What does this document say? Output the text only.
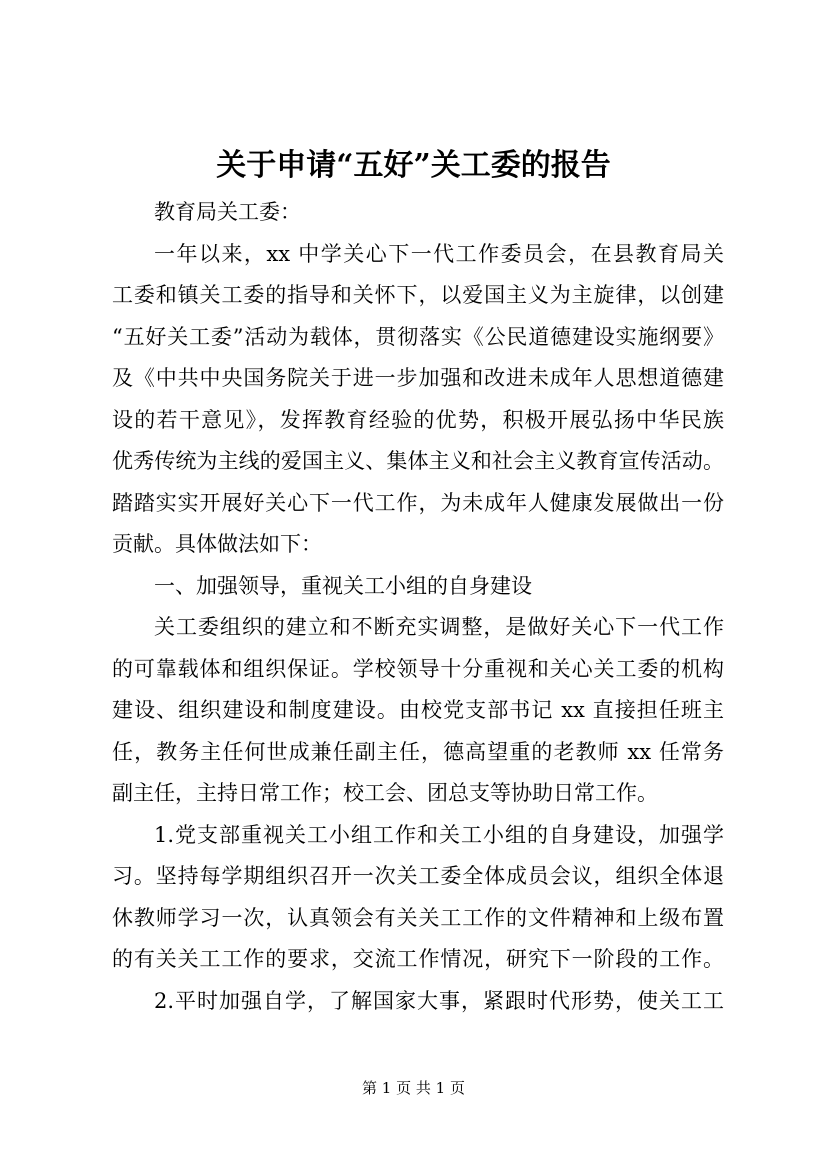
关于申请“五好”关工委的报告
教育局关工委：
一年以来，xx 中学关心下一代工作委员会，在县教育局关
工委和镇关工委的指导和关怀下，以爱国主义为主旋律，以创建
“五好关工委”活动为载体，贯彻落实《公民道德建设实施纲要》
及《中共中央国务院关于进一步加强和改进未成年人思想道德建
设的若干意见》，发挥教育经验的优势，积极开展弘扬中华民族
优秀传统为主线的爱国主义、集体主义和社会主义教育宣传活动。
踏踏实实开展好关心下一代工作，为未成年人健康发展做出一份
贡献。具体做法如下：
一、加强领导，重视关工小组的自身建设
关工委组织的建立和不断充实调整，是做好关心下一代工作
的可靠载体和组织保证。学校领导十分重视和关心关工委的机构
建设、组织建设和制度建设。由校党支部书记 xx 直接担任班主
任，教务主任何世成兼任副主任，德高望重的老教师 xx 任常务
副主任，主持日常工作；校工会、团总支等协助日常工作。
1.党支部重视关工小组工作和关工小组的自身建设，加强学
习。坚持每学期组织召开一次关工委全体成员会议，组织全体退
休教师学习一次，认真领会有关关工工作的文件精神和上级布置
的有关关工工作的要求，交流工作情况，研究下一阶段的工作。
2.平时加强自学，了解国家大事，紧跟时代形势，使关工工
第 1 页 共 1 页
